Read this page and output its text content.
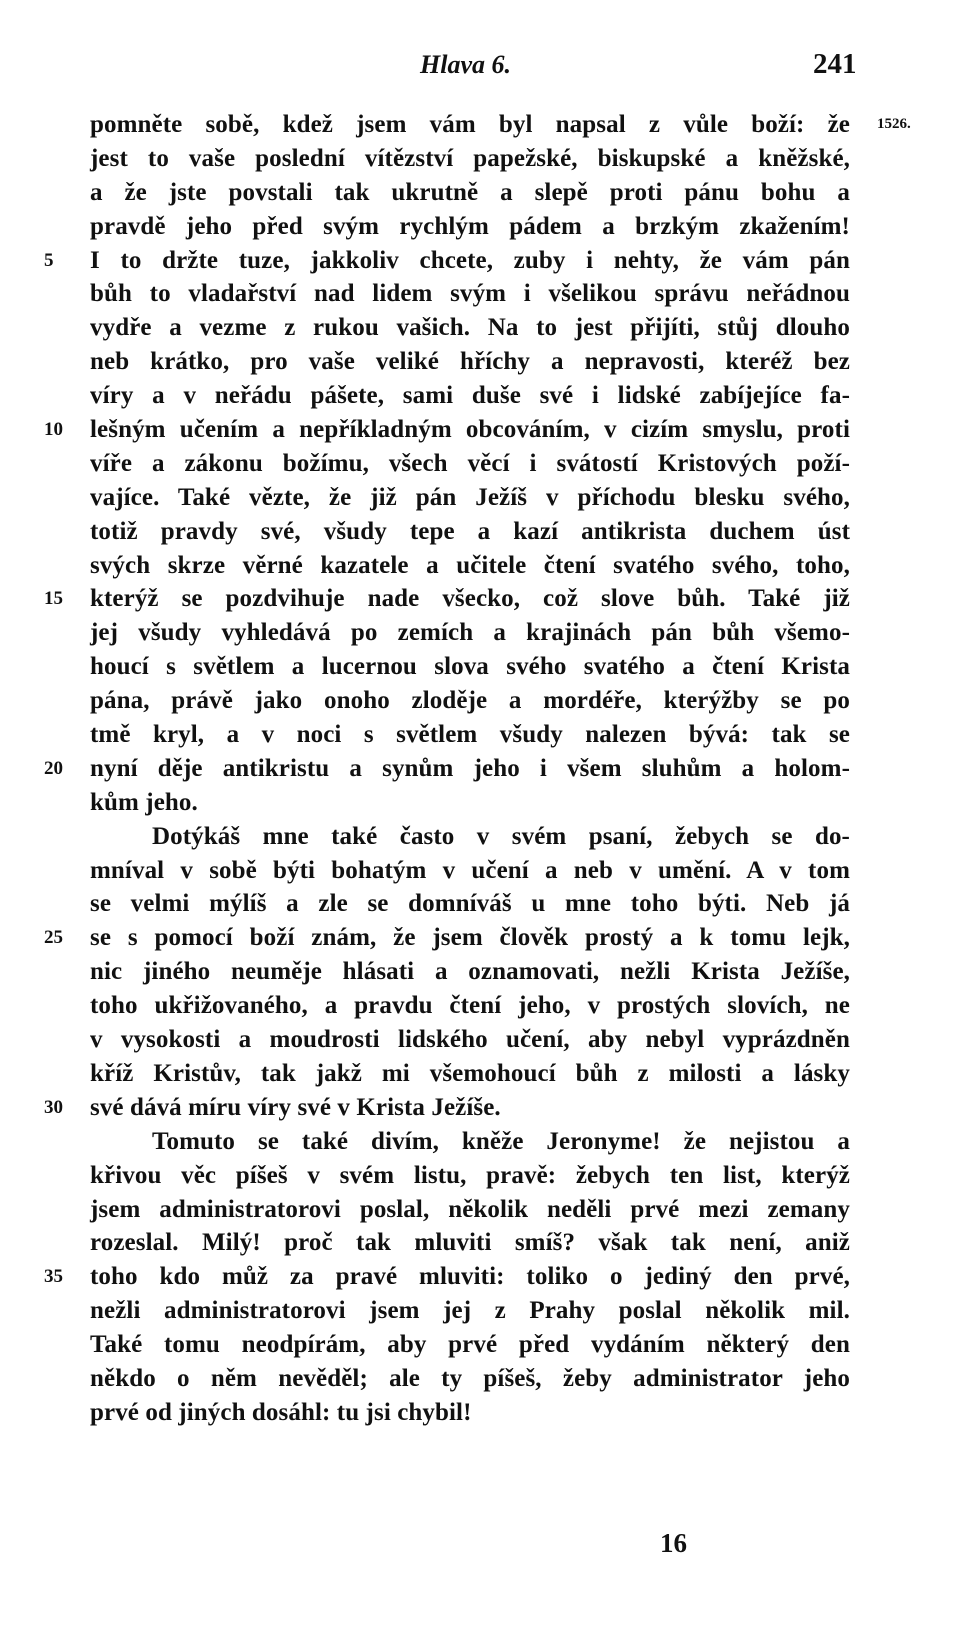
Hlava 6.	241
1526.
pomněte sobě, kdež jsem vám byl napsal z vůle boží: že
jest to vaše poslední vítězství papežské, biskupské a kněžské,
a že jste povstali tak ukrutně a slepě proti pánu bohu a
pravdě jeho před svým rychlým pádem a brzkým zkažením!
5	I to držte tuze, jakkoliv chcete, zuby i nehty, že vám pán
bůh to vladařství nad lidem svým i všelikou správu neřádnou
vydře a vezme z rukou vašich. Na to jest přijíti, stůj dlouho
neb krátko, pro vaše veliké hříchy a nepravosti, kteréž bez
víry a v neřádu pášete, sami duše své i lidské zabíjejíce fa-
10	lešným učením a nepříkladným obcováním, v cizím smyslu, proti
víře a zákonu božímu, všech věcí i svátostí Kristových poží-
vajíce. Také vězte, že již pán Ježíš v příchodu blesku svého,
totiž pravdy své, všudy tepe a kazí antikrista duchem úst
svých skrze věrné kazatele a učitele čtení svatého svého, toho,
15	kterýž se pozdvihuje nade všecko, což slove bůh. Také již
jej všudy vyhledává po zemích a krajinách pán bůh všemo-
houcí s světlem a lucernou slova svého svatého a čtení Krista
pána, právě jako onoho zloděje a mordéře, kterýžby se po
tmě kryl, a v noci s světlem všudy nalezen bývá: tak se
20	nyní děje antikristu a synům jeho i všem sluhům a holom-
kům jeho.
Dotýkáš mne také často v svém psaní, žebych se do-
mníval v sobě býti bohatým v učení a neb v umění. A v tom
se velmi mýlíš a zle se domníváš u mne toho býti. Neb já
25	se s pomocí boží znám, že jsem člověk prostý a k tomu lejk,
nic jiného neuměje hlásati a oznamovati, nežli Krista Ježíše,
toho ukřižovaného, a pravdu čtení jeho, v prostých slovích, ne
v vysokosti a moudrosti lidského učení, aby nebyl vyprázdněn
kříž Kristův, tak jakž mi všemohoucí bůh z milosti a lásky
30	své dává míru víry své v Krista Ježíše.
Tomuto se také divím, kněže Jeronyme! že nejistou a
křivou věc píšeš v svém listu, pravě: žebych ten list, kterýž
jsem administratorovi poslal, několik neděli prvé mezi zemany
rozeslal. Milý! proč tak mluviti smíš? však tak není, aniž
35	toho kdo můž za pravé mluviti: toliko o jediný den prvé,
nežli administratorovi jsem jej z Prahy poslal několik mil.
Také tomu neodpírám, aby prvé před vydáním některý den
někdo o něm nevěděl; ale ty píšeš, žeby administrator jeho
prvé od jiných dosáhl: tu jsi chybil!
16
